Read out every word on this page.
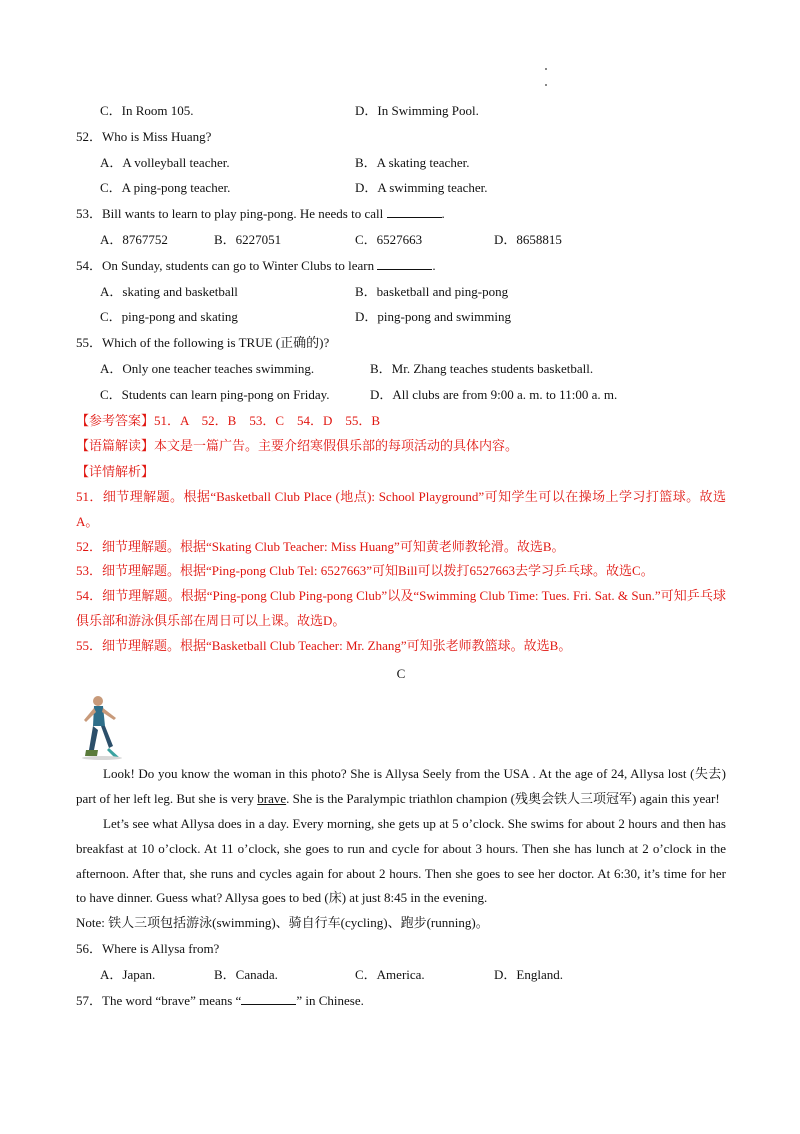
C．In Room 105.	D．In Swimming Pool.
52．Who is Miss Huang?
A．A volleyball teacher.	B．A skating teacher.
C．A ping-pong teacher.	D．A swimming teacher.
53．Bill wants to learn to play ping-pong. He needs to call	.
A．8767752	B．6227051	C．6527663	D．8658815
54．On Sunday, students can go to Winter Clubs to learn	.
A．skating and basketball	B．basketball and ping-pong
C．ping-pong and skating	D．ping-pong and swimming
55．Which of the following is TRUE (正确的)?
A．Only one teacher teaches swimming.	B．Mr. Zhang teaches students basketball.
C．Students can learn ping-pong on Friday.	D．All clubs are from 9:00 a. m. to 11:00 a. m.
【参考答案】51．A　52．B　53．C　54．D　55．B
【语篇解读】本文是一篇广告。主要介绍寒假俱乐部的每项活动的具体内容。
【详情解析】

51．细节理解题。根据“Basketball Club Place (地点): School Playground”可知学生可以在操场上学习打篮球。故选A。

52．细节理解题。根据“Skating Club Teacher: Miss Huang”可知黄老师教轮滑。故选B。

53．细节理解题。根据“Ping-pong Club Tel: 6527663”可知Bill可以拨打6527663去学习乒乓球。故选C。

54．细节理解题。根据“Ping-pong Club Ping-pong Club”以及“Swimming Club Time: Tues. Fri. Sat. & Sun.”可知乒乓球俱乐部和游泳俱乐部在周日可以上课。故选D。

55．细节理解题。根据“Basketball Club Teacher: Mr. Zhang”可知张老师教篮球。故选B。

C

Look! Do you know the woman in this photo? She is Allysa Seely from the USA . At the age of 24, Allysa lost (失去) part of her left leg. But she is very brave. She is the Paralympic triathlon champion (残奥会铁人三项冠军) again this year!

Let’s see what Allysa does in a day. Every morning, she gets up at 5 o’clock. She swims for about 2 hours and then has breakfast at 10 o’clock. At 11 o’clock, she goes to run and cycle for about 3 hours. Then she has lunch at 2 o’clock in the afternoon. After that, she runs and cycles again for about 2 hours. Then she goes to see her doctor. At 6:30, it’s time for her to have dinner. Guess what? Allysa goes to bed (床) at just 8:45 in the evening.

Note: 铁人三项包括游泳(swimming)、骑自行车(cycling)、跑步(running)。

56．Where is Allysa from?
A．Japan.	B．Canada.	C．America.	D．England.
57．The word “brave” means “	” in Chinese.
